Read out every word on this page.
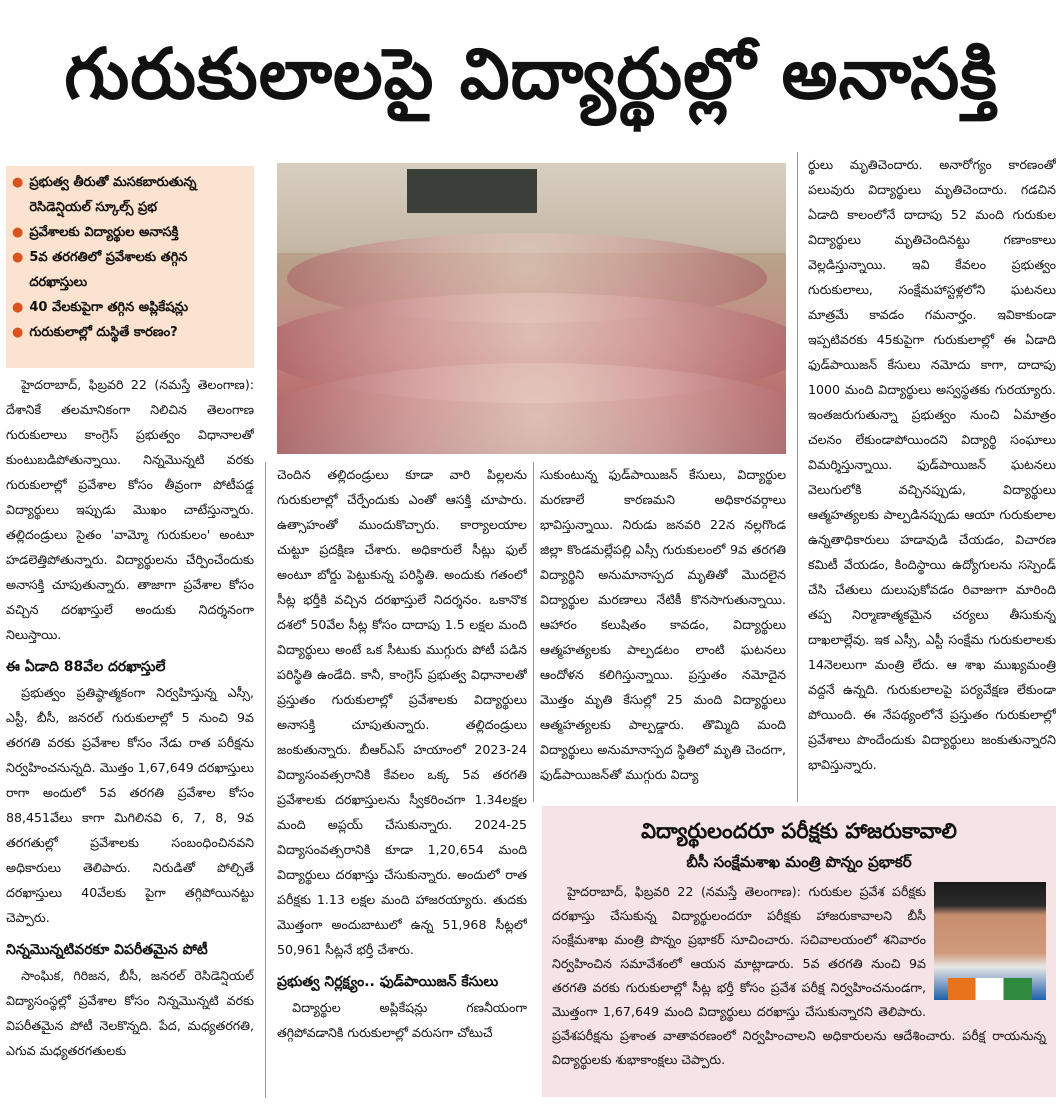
గురుకులాలపై విద్యార్థుల్లో అనాసక్తి
● ప్రభుత్వ తీరుతో మసకబారుతున్న రెసిడెన్షియల్ స్కూల్స్ ప్రభ
● ప్రవేశాలకు విద్యార్థుల అనాసక్తి
● 5వ తరగతిలో ప్రవేశాలకు తగ్గిన దరఖాస్తులు
● 40 వేలకుపైగా తగ్గిన అప్లికేషన్లు
● గురుకులాల్లో దుస్థితే కారణం?

హైదరాబాద్, ఫిబ్రవరి 22 (నమస్తే తెలంగాణ): దేశానికే తలమానికంగా నిలిచిన తెలంగాణ గురుకులాలు కాంగ్రెస్ ప్రభుత్వం విధానాలతో కుంటుబడిపోతున్నాయి. నిన్నమొన్నటి వరకు గురుకులాల్లో ప్రవేశాల కోసం తీవ్రంగా పోటీపడ్డ విద్యార్థులు ఇప్పుడు మొఖం చాటేస్తున్నారు. తల్లిదండ్రులు సైతం 'వామ్మో గురుకులం' అంటూ హడలెత్తిపోతున్నారు. విద్యార్థులను చేర్పించేందుకు అనాసక్తి చూపుతున్నారు. తాజాగా ప్రవేశాల కోసం వచ్చిన దరఖాస్తులే అందుకు నిదర్శనంగా నిలుస్తాయి.

ఈ ఏడాది 88వేల దరఖాస్తులే

ప్రభుత్వం ప్రతిష్ఠాత్మకంగా నిర్వహిస్తున్న ఎస్సీ, ఎస్టీ, బీసీ, జనరల్ గురుకులాల్లో 5 నుంచి 9వ తరగతి వరకు ప్రవేశాల కోసం నేడు రాత పరీక్షను నిర్వహించనున్నది. మొత్తం 1,67,649 దరఖాస్తులు రాగా అందులో 5వ తరగతి ప్రవేశాల కోసం 88,451వేలు కాగా మిగిలినవి 6, 7, 8, 9వ తరగతుల్లో ప్రవేశాలకు సంబంధించినవని అధికారులు తెలిపారు. నిరుడితో పోల్చితే దరఖాస్తులు 40వేలకు పైగా తగ్గిపోయినట్టు చెప్పారు.

నిన్నమొన్నటివరకూ విపరీతమైన పోటీ

సాంఘిక, గిరిజన, బీసీ, జనరల్ రెసిడెన్షియల్ విద్యాసంస్థల్లో ప్రవేశాల కోసం నిన్నమొన్నటి వరకు విపరీతమైన పోటీ నెలకొన్నది. పేద, మధ్యతరగతి, ఎగువ మధ్యతరగతులకు

చెందిన తల్లిదండ్రులు కూడా వారి పిల్లలను గురుకులాల్లో చేర్పేందుకు ఎంతో ఆసక్తి చూపారు. ఉత్సాహంతో ముందుకొచ్చారు. కార్యాలయాల చుట్టూ ప్రదక్షిణ చేశారు. అధికారులే సీట్లు ఫుల్ అంటూ బోర్డు పెట్టుకున్న పరిస్థితి. అందుకు గతంలో సీట్ల భర్తీకి వచ్చిన దరఖాస్తులే నిదర్శనం. ఒకానొక దశలో 50వేల సీట్ల కోసం దాదాపు 1.5 లక్షల మంది విద్యార్థులు అంటే ఒక సీటుకు ముగ్గురు పోటీ పడిన పరిస్థితి ఉండేది. కానీ, కాంగ్రెస్ ప్రభుత్వ విధానాలతో ప్రస్తుతం గురుకులాల్లో ప్రవేశాలకు విద్యార్థులు అనాసక్తి చూపుతున్నారు. తల్లిదండ్రులు జంకుతున్నారు. బీఆర్ఎస్ హయాంలో 2023-24 విద్యాసంవత్సరానికి కేవలం ఒక్క 5వ తరగతి ప్రవేశాలకు దరఖాస్తులను స్వీకరించగా 1.34లక్షల మంది అప్లయ్ చేసుకున్నారు. 2024-25 విద్యాసంవత్సరానికి కూడా 1,20,654 మంది విద్యార్థులు దరఖాస్తు చేసుకున్నారు. అందులో రాత పరీక్షకు 1.13 లక్షల మంది హాజరయ్యారు. తుదకు మొత్తంగా అందుబాటులో ఉన్న 51,968 సీట్లలో 50,961 సీట్లనే భర్తీ చేశారు.

ప్రభుత్వ నిర్లక్ష్యం.. ఫుడ్‌పాయిజన్ కేసులు

విద్యార్థుల అప్లికేషన్లు గణనీయంగా తగ్గిపోవడానికి గురుకులాల్లో వరుసగా చోటుచే

సుకుంటున్న ఫుడ్‌పాయిజన్ కేసులు, విద్యార్థుల మరణాలే కారణమని అధికారవర్గాలు భావిస్తున్నాయి. నిరుడు జనవరి 22న నల్లగొండ జిల్లా కొండమల్లేపల్లి ఎస్సీ గురుకులంలో 9వ తరగతి విద్యార్థిని అనుమానాస్పద మృతితో మొదలైన విద్యార్థుల మరణాలు నేటికీ కొనసాగుతున్నాయి. ఆహారం కలుషితం కావడం, విద్యార్థులు ఆత్మహత్యలకు పాల్పడటం లాంటి ఘటనలు ఆందోళన కలిగిస్తున్నాయి. ప్రస్తుతం నమోదైన మొత్తం మృతి కేసుల్లో 25 మంది విద్యార్థులు ఆత్మహత్యలకు పాల్పడ్డారు. తొమ్మిది మంది విద్యార్థులు అనుమానాస్పద స్థితిలో మృతి చెందగా, ఫుడ్‌పాయిజన్‌తో ముగ్గురు విద్యా

ర్థులు మృతిచెందారు. అనారోగ్యం కారణంతో పలువురు విద్యార్థులు మృతిచెందారు. గడచిన ఏడాది కాలంలోనే దాదాపు 52 మంది గురుకుల విద్యార్థులు మృతిచెందినట్టు గణాంకాలు వెల్లడిస్తున్నాయి. ఇవి కేవలం ప్రభుత్వం గురుకులాలు, సంక్షేమహాస్టళ్లలోని ఘటనలు మాత్రమే కావడం గమనార్హం. ఇవికాకుండా ఇప్పటివరకు 45కుపైగా గురుకులాల్లో ఈ ఏడాది ఫుడ్‌పాయిజన్ కేసులు నమోదు కాగా, దాదాపు 1000 మంది విద్యార్థులు అస్వస్థతకు గురయ్యారు. ఇంతజరుగుతున్నా ప్రభుత్వం నుంచి ఏమాత్రం చలనం లేకుండాపోయిందని విద్యార్థి సంఘాలు విమర్శిస్తున్నాయి. ఫుడ్‌పాయిజన్ ఘటనలు వెలుగులోకి వచ్చినప్పుడు, విద్యార్థులు ఆత్మహత్యలకు పాల్పడినప్పుడు ఆయా గురుకులాల ఉన్నతాధికారులు హడావుడి చేయడం, విచారణ కమిటీ వేయడం, కిందిస్థాయి ఉద్యోగులను సస్పెండ్ చేసి చేతులు దులుపుకోవడం రివాజుగా మారింది తప్ప నిర్మాణాత్మకమైన చర్యలు తీసుకున్న దాఖలాల్లేవు. ఇక ఎస్సీ, ఎస్టీ సంక్షేమ గురుకులాలకు 14నెలలుగా మంత్రి లేదు. ఆ శాఖ ముఖ్యమంత్రి వద్దనే ఉన్నది. గురుకులాలపై పర్యవేక్షణ లేకుండా పోయింది. ఈ నేపథ్యంలోనే ప్రస్తుతం గురుకులాల్లో ప్రవేశాలు పొందేందుకు విద్యార్థులు జంకుతున్నారని భావిస్తున్నారు.

విద్యార్థులందరూ పరీక్షకు హాజరుకావాలి
బీసీ సంక్షేమశాఖ మంత్రి పొన్నం ప్రభాకర్

హైదరాబాద్, ఫిబ్రవరి 22 (నమస్తే తెలంగాణ): గురుకుల ప్రవేశ పరీక్షకు దరఖాస్తు చేసుకున్న విద్యార్థులందరూ పరీక్షకు హాజరుకావాలని బీసీ సంక్షేమశాఖ మంత్రి పొన్నం ప్రభాకర్ సూచించారు. సచివాలయంలో శనివారం నిర్వహించిన సమావేశంలో ఆయన మాట్లాడారు. 5వ తరగతి నుంచి 9వ తరగతి వరకు గురుకులాల్లో సీట్ల భర్తీ కోసం ప్రవేశ పరీక్ష నిర్వహించనుండగా, మొత్తంగా 1,67,649 మంది విద్యార్థులు దరఖాస్తు చేసుకున్నారని తెలిపారు. ప్రవేశపరీక్షను ప్రశాంత వాతావరణంలో నిర్వహించాలని అధికారులను ఆదేశించారు. పరీక్ష రాయనున్న విద్యార్థులకు శుభాకాంక్షలు చెప్పారు.
